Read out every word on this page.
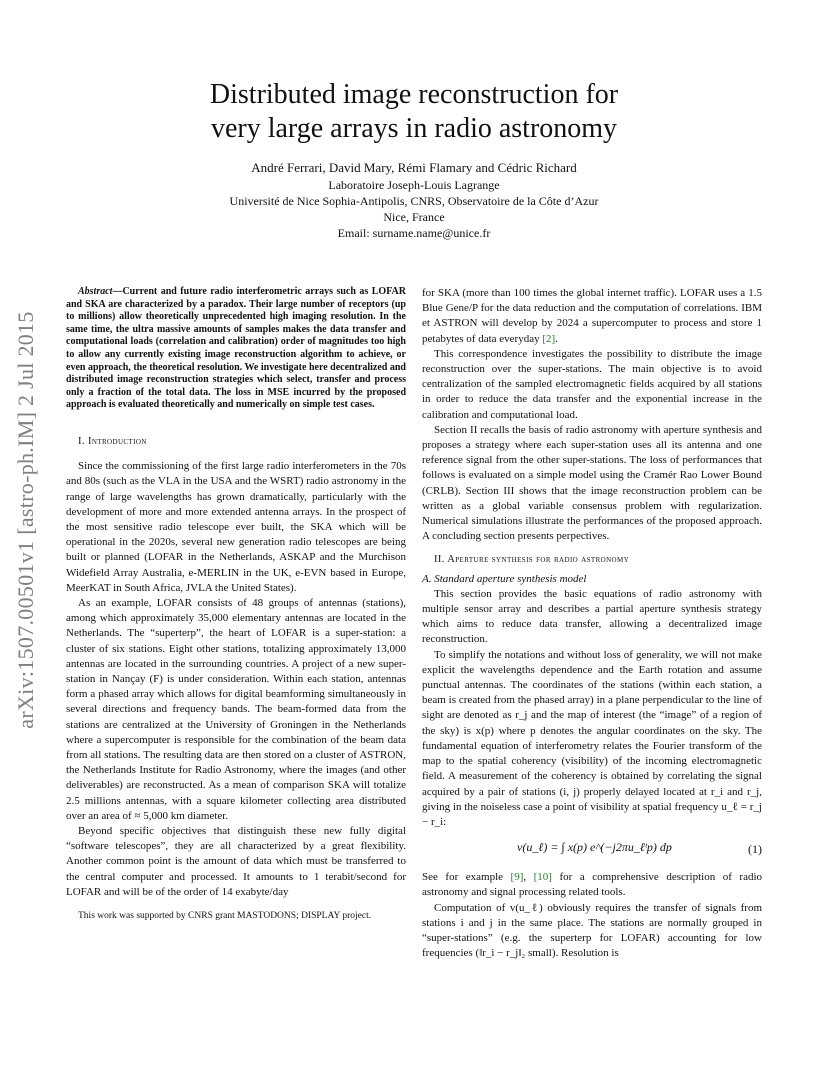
arXiv:1507.00501v1 [astro-ph.IM] 2 Jul 2015
Distributed image reconstruction for
very large arrays in radio astronomy
André Ferrari, David Mary, Rémi Flamary and Cédric Richard
Laboratoire Joseph-Louis Lagrange
Université de Nice Sophia-Antipolis, CNRS, Observatoire de la Côte d’Azur
Nice, France
Email: surname.name@unice.fr

Abstract—Current and future radio interferometric arrays such as LOFAR and SKA are characterized by a paradox. Their large number of receptors (up to millions) allow theoretically unprecedented high imaging resolution. In the same time, the ultra massive amounts of samples makes the data transfer and computational loads (correlation and calibration) order of magnitudes too high to allow any currently existing image reconstruction algorithm to achieve, or even approach, the theoretical resolution. We investigate here decentralized and distributed image reconstruction strategies which select, transfer and process only a fraction of the total data. The loss in MSE incurred by the proposed approach is evaluated theoretically and numerically on simple test cases.

I. Introduction

Since the commissioning of the first large radio interferometers in the 70s and 80s (such as the VLA in the USA and the WSRT) radio astronomy in the range of large wavelengths has grown dramatically, particularly with the development of more and more extended antenna arrays. In the prospect of the most sensitive radio telescope ever built, the SKA which will be operational in the 2020s, several new generation radio telescopes are being built or planned (LOFAR in the Netherlands, ASKAP and the Murchison Widefield Array Australia, e-MERLIN in the UK, e-EVN based in Europe, MeerKAT in South Africa, JVLA the United States).

As an example, LOFAR consists of 48 groups of antennas (stations), among which approximately 35,000 elementary antennas are located in the Netherlands. The “superterp”, the heart of LOFAR is a super-station: a cluster of six stations. Eight other stations, totalizing approximately 13,000 antennas are located in the surrounding countries. A project of a new super-station in Nançay (F) is under consideration. Within each station, antennas form a phased array which allows for digital beamforming simultaneously in several directions and frequency bands. The beam-formed data from the stations are centralized at the University of Groningen in the Netherlands where a supercomputer is responsible for the combination of the beam data from all stations. The resulting data are then stored on a cluster of ASTRON, the Netherlands Institute for Radio Astronomy, where the images (and other deliverables) are reconstructed. As a mean of comparison SKA will totalize 2.5 millions antennas, with a square kilometer collecting area distributed over an area of ≈ 5,000 km diameter.

Beyond specific objectives that distinguish these new fully digital “software telescopes”, they are all characterized by a great flexibility. Another common point is the amount of data which must be transferred to the central computer and processed. It amounts to 1 terabit/second for LOFAR and will be of the order of 14 exabyte/day

This work was supported by CNRS grant MASTODONS; DISPLAY project.

for SKA (more than 100 times the global internet traffic). LOFAR uses a 1.5 Blue Gene/P for the data reduction and the computation of correlations. IBM et ASTRON will develop by 2024 a supercomputer to process and store 1 petabytes of data everyday [2].

This correspondence investigates the possibility to distribute the image reconstruction over the super-stations. The main objective is to avoid centralization of the sampled electromagnetic fields acquired by all stations in order to reduce the data transfer and the exponential increase in the calibration and computational load.

Section II recalls the basis of radio astronomy with aperture synthesis and proposes a strategy where each super-station uses all its antenna and one reference signal from the other super-stations. The loss of performances that follows is evaluated on a simple model using the Cramér Rao Lower Bound (CRLB). Section III shows that the image reconstruction problem can be written as a global variable consensus problem with regularization. Numerical simulations illustrate the performances of the proposed approach. A concluding section presents perpectives.

II. Aperture synthesis for radio astronomy

A. Standard aperture synthesis model

This section provides the basic equations of radio astronomy with multiple sensor array and describes a partial aperture synthesis strategy which aims to reduce data transfer, allowing a decentralized image reconstruction.

To simplify the notations and without loss of generality, we will not make explicit the wavelengths dependence and the Earth rotation and assume punctual antennas. The coordinates of the stations (within each station, a beam is created from the phased array) in a plane perpendicular to the line of sight are denoted as r_j and the map of interest (the “image” of a region of the sky) is x(p) where p denotes the angular coordinates on the sky. The fundamental equation of interferometry relates the Fourier transform of the map to the spatial coherency (visibility) of the incoming electromagnetic field. A measurement of the coherency is obtained by correlating the signal acquired by a pair of stations (i, j) properly delayed located at r_i and r_j, giving in the noiseless case a point of visibility at spatial frequency u_ℓ = r_j − r_i:

v(u_ℓ) = ∫ x(p) e^(−j2πu_ℓᵗp) dp	(1)

See for example [9], [10] for a comprehensive description of radio astronomy and signal processing related tools.

Computation of v(u_ℓ) obviously requires the transfer of signals from stations i and j in the same place. The stations are normally grouped in “super-stations” (e.g. the superterp for LOFAR) accounting for low frequencies (‖r_i − r_j‖₂ small). Resolution is
